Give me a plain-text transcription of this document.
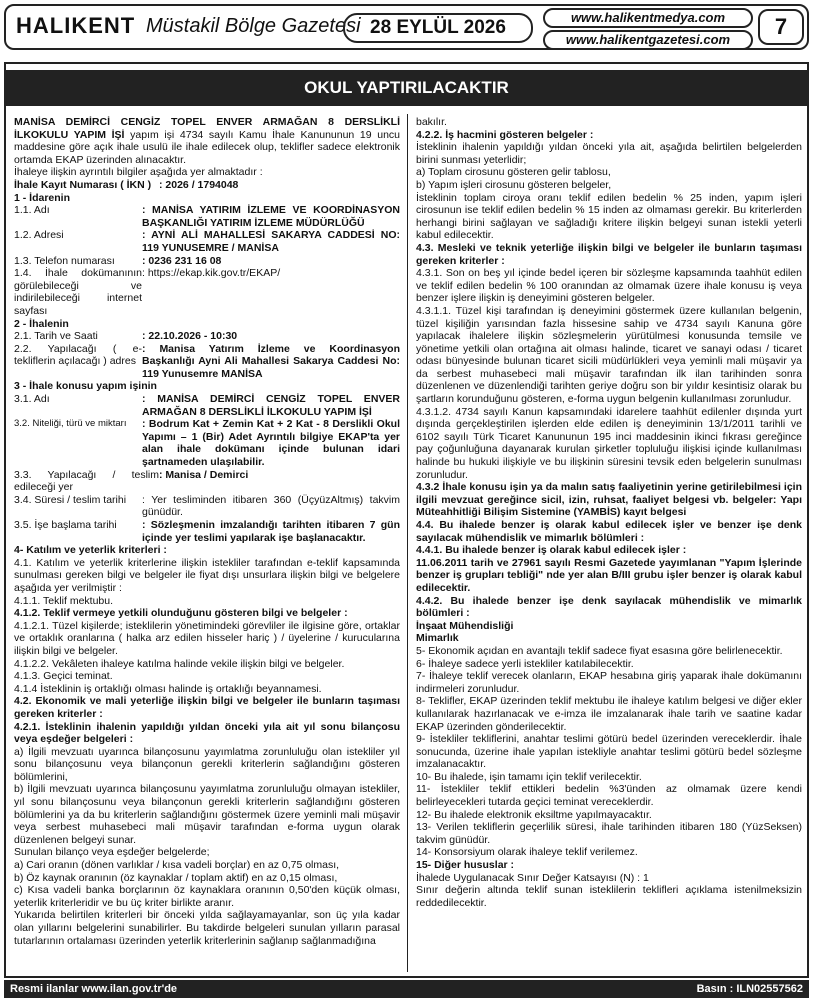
HALIKENT Müstakil Bölge Gazetesi 28 EYLÜL 2026	www.halikentmedya.com
www.halikentgazetesi.com
7
OKUL YAPTIRILACAKTIR

MANİSA DEMİRCİ CENGİZ TOPEL ENVER ARMAĞAN 8 DERSLİKLİ İLKOKULU YAPIM İŞİ yapım işi 4734 sayılı Kamu İhale Kanununun 19 uncu maddesine göre açık ihale usulü ile ihale edilecek olup, teklifler sadece elektronik ortamda EKAP üzerinden alınacaktır.

İhaleye ilişkin ayrıntılı bilgiler aşağıda yer almaktadır :

İhale Kayıt Numarası ( İKN ) : 2026 / 1794048

1 - İdarenin

1.1. Adı	: MANİSA YATIRIM İZLEME VE KOORDİNASYON BAŞKANLIĞI YATIRIM İZLEME MÜDÜRLÜĞÜ
1.2. Adresi	: AYNİ ALİ MAHALLESİ SAKARYA CADDESİ NO: 119 YUNUSEMRE / MANİSA
1.3. Telefon numarası	: 0236 231 16 08
1.4. İhale dokümanının görülebileceği ve indirilebileceği internet sayfası
: https://ekap.kik.gov.tr/EKAP/

2 - İhalenin

2.1. Tarih ve Saati	: 22.10.2026 - 10:30
2.2. Yapılacağı ( e-tekliflerin açılacağı ) adres
: Manisa Yatırım İzleme ve Koordinasyon Başkanlığı Ayni Ali Mahallesi Sakarya Caddesi No: 119 Yunusemre MANİSA

3 - İhale konusu yapım işinin

3.1. Adı	: MANİSA DEMİRCİ CENGİZ TOPEL ENVER ARMAĞAN 8 DERSLİKLİ İLKOKULU YAPIM İŞİ
3.2. Niteliği, türü ve miktarı	: Bodrum Kat + Zemin Kat + 2 Kat - 8 Derslikli Okul Yapımı – 1 (Bir) Adet Ayrıntılı bilgiye EKAP'ta yer alan ihale dokümanı içinde bulunan idari şartnameden ulaşılabilir.
3.3. Yapılacağı / teslim edileceği yer
: Manisa / Demirci
3.4. Süresi / teslim tarihi	: Yer tesliminden itibaren 360 (ÜçyüzAltmış) takvim günüdür.
3.5. İşe başlama tarihi	: Sözleşmenin imzalandığı tarihten itibaren 7 gün içinde yer teslimi yapılarak işe başlanacaktır.

4- Katılım ve yeterlik kriterleri :

4.1. Katılım ve yeterlik kriterlerine ilişkin istekliler tarafından e-teklif kapsamında sunulması gereken bilgi ve belgeler ile fiyat dışı unsurlara ilişkin bilgi ve belgelere aşağıda yer verilmiştir :

4.1.1. Teklif mektubu.

4.1.2. Teklif vermeye yetkili olunduğunu gösteren bilgi ve belgeler :

4.1.2.1. Tüzel kişilerde; isteklilerin yönetimindeki görevliler ile ilgisine göre, ortaklar ve ortaklık oranlarına ( halka arz edilen hisseler hariç ) / üyelerine / kurucularına ilişkin bilgi ve belgeler.

4.1.2.2. Vekâleten ihaleye katılma halinde vekile ilişkin bilgi ve belgeler.

4.1.3. Geçici teminat.

4.1.4 İsteklinin iş ortaklığı olması halinde iş ortaklığı beyannamesi.

4.2. Ekonomik ve mali yeterliğe ilişkin bilgi ve belgeler ile bunların taşıması gereken kriterler :

4.2.1. İsteklinin ihalenin yapıldığı yıldan önceki yıla ait yıl sonu bilançosu veya eşdeğer belgeleri :

a) İlgili mevzuatı uyarınca bilançosunu yayımlatma zorunluluğu olan istekliler yıl sonu bilançosunu veya bilançonun gerekli kriterlerin sağlandığını gösteren bölümlerini,

b) İlgili mevzuatı uyarınca bilançosunu yayımlatma zorunluluğu olmayan istekliler, yıl sonu bilançosunu veya bilançonun gerekli kriterlerin sağlandığını gösteren bölümlerini ya da bu kriterlerin sağlandığını göstermek üzere yeminli mali müşavir veya serbest muhasebeci mali müşavir tarafından e-forma uygun olarak düzenlenen belgeyi sunar.

Sunulan bilanço veya eşdeğer belgelerde;

a) Cari oranın (dönen varlıklar / kısa vadeli borçlar) en az 0,75 olması,

b) Öz kaynak oranının (öz kaynaklar / toplam aktif) en az 0,15 olması,

c) Kısa vadeli banka borçlarının öz kaynaklara oranının 0,50'den küçük olması, yeterlik kriterleridir ve bu üç kriter birlikte aranır.

Yukarıda belirtilen kriterleri bir önceki yılda sağlayamayanlar, son üç yıla kadar olan yıllarını belgelerini sunabilirler. Bu takdirde belgeleri sunulan yılların parasal tutarlarının ortalaması üzerinden yeterlik kriterlerinin sağlanıp sağlanmadığına

bakılır.

4.2.2. İş hacmini gösteren belgeler :

İsteklinin ihalenin yapıldığı yıldan önceki yıla ait, aşağıda belirtilen belgelerden birini sunması yeterlidir;

a) Toplam cirosunu gösteren gelir tablosu,

b) Yapım işleri cirosunu gösteren belgeler,

İsteklinin toplam ciroya oranı teklif edilen bedelin % 25 inden, yapım işleri cirosunun ise teklif edilen bedelin % 15 inden az olmaması gerekir. Bu kriterlerden herhangi birini sağlayan ve sağladığı kritere ilişkin belgeyi sunan istekli yeterli kabul edilecektir.

4.3. Mesleki ve teknik yeterliğe ilişkin bilgi ve belgeler ile bunların taşıması gereken kriterler :

4.3.1. Son on beş yıl içinde bedel içeren bir sözleşme kapsamında taahhüt edilen ve teklif edilen bedelin % 100 oranından az olmamak üzere ihale konusu iş veya benzer işlere ilişkin iş deneyimini gösteren belgeler.

4.3.1.1. Tüzel kişi tarafından iş deneyimini göstermek üzere kullanılan belgenin, tüzel kişiliğin yarısından fazla hissesine sahip ve 4734 sayılı Kanuna göre yapılacak ihalelere ilişkin sözleşmelerin yürütülmesi konusunda temsile ve yönetime yetkili olan ortağına ait olması halinde, ticaret ve sanayi odası / ticaret odası bünyesinde bulunan ticaret sicili müdürlükleri veya yeminli mali müşavir ya da serbest muhasebeci mali müşavir tarafından ilk ilan tarihinden sonra düzenlenen ve düzenlendiği tarihten geriye doğru son bir yıldır kesintisiz olarak bu şartların korunduğunu gösteren, e-forma uygun belgenin kullanılması zorunludur.

4.3.1.2. 4734 sayılı Kanun kapsamındaki idarelere taahhüt edilenler dışında yurt dışında gerçekleştirilen işlerden elde edilen iş deneyiminin 13/1/2011 tarihli ve 6102 sayılı Türk Ticaret Kanununun 195 inci maddesinin ikinci fıkrası gereğince pay çoğunluğuna dayanarak kurulan şirketler topluluğu ilişkisi içinde kullanılması halinde bu hukuki ilişkiyle ve bu ilişkinin süresini tevsik eden belgelerin sunulması zorunludur.

4.3.2 İhale konusu işin ya da malın satış faaliyetinin yerine getirilebilmesi için ilgili mevzuat gereğince sicil, izin, ruhsat, faaliyet belgesi vb. belgeler: Yapı Müteahhitliği Bilişim Sistemine (YAMBİS) kayıt belgesi

4.4. Bu ihalede benzer iş olarak kabul edilecek işler ve benzer işe denk sayılacak mühendislik ve mimarlık bölümleri :

4.4.1. Bu ihalede benzer iş olarak kabul edilecek işler :

11.06.2011 tarih ve 27961 sayılı Resmi Gazetede yayımlanan "Yapım İşlerinde benzer iş grupları tebliği" nde yer alan B/III grubu işler benzer iş olarak kabul edilecektir.

4.4.2. Bu ihalede benzer işe denk sayılacak mühendislik ve mimarlık bölümleri :

İnşaat Mühendisliği

Mimarlık

5- Ekonomik açıdan en avantajlı teklif sadece fiyat esasına göre belirlenecektir.

6- İhaleye sadece yerli istekliler katılabilecektir.

7- İhaleye teklif verecek olanların, EKAP hesabına giriş yaparak ihale dokümanını indirmeleri zorunludur.

8- Teklifler, EKAP üzerinden teklif mektubu ile ihaleye katılım belgesi ve diğer ekler kullanılarak hazırlanacak ve e-imza ile imzalanarak ihale tarih ve saatine kadar EKAP üzerinden gönderilecektir.

9- İstekliler tekliflerini, anahtar teslimi götürü bedel üzerinden vereceklerdir. İhale sonucunda, üzerine ihale yapılan istekliyle anahtar teslimi götürü bedel sözleşme imzalanacaktır.

10- Bu ihalede, işin tamamı için teklif verilecektir.

11- İstekliler teklif ettikleri bedelin %3'ünden az olmamak üzere kendi belirleyecekleri tutarda geçici teminat vereceklerdir.

12- Bu ihalede elektronik eksiltme yapılmayacaktır.

13- Verilen tekliflerin geçerlilik süresi, ihale tarihinden itibaren 180 (YüzSeksen) takvim günüdür.

14- Konsorsiyum olarak ihaleye teklif verilemez.

15- Diğer hususlar :

İhalede Uygulanacak Sınır Değer Katsayısı (N) : 1

Sınır değerin altında teklif sunan isteklilerin teklifleri açıklama istenilmeksizin reddedilecektir.

Resmi ilanlar www.ilan.gov.tr'de	Basın : ILN02557562
